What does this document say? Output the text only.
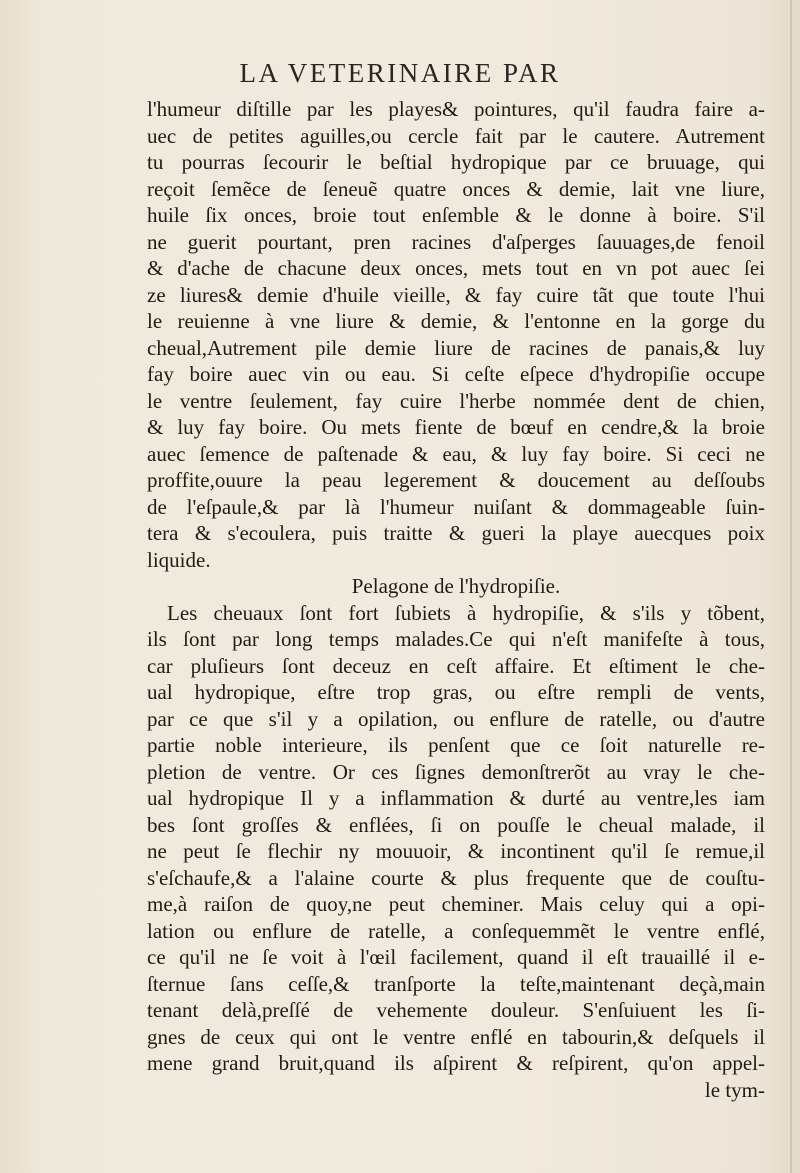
LA VETERINAIRE PAR
l'humeur diſtille par les playes& pointures, qu'il faudra faire a-
uec de petites aguilles,ou cercle fait par le cautere. Autrement
tu pourras ſecourir le beſtial hydropique par ce bruuage, qui
reçoit ſemẽce de ſeneuẽ quatre onces & demie, lait vne liure,
huile ſix onces, broie tout enſemble & le donne à boire. S'il
ne guerit pourtant, pren racines d'aſperges ſauuages,de fenoil
& d'ache de chacune deux onces, mets tout en vn pot auec ſei
ze liures& demie d'huile vieille, & fay cuire tãt que toute l'hui
le reuienne à vne liure & demie, & l'entonne en la gorge du
cheual,Autrement pile demie liure de racines de panais,& luy
fay boire auec vin ou eau. Si ceſte eſpece d'hydropiſie occupe
le ventre ſeulement, fay cuire l'herbe nommée dent de chien,
& luy fay boire. Ou mets fiente de bœuf en cendre,& la broie
auec ſemence de paſtenade & eau, & luy fay boire. Si ceci ne
proffite,ouure la peau legerement & doucement au deſſoubs
de l'eſpaule,& par là l'humeur nuiſant & dommageable ſuin-
tera & s'ecoulera, puis traitte & gueri la playe auecques poix
liquide.
Pelagone de l'hydropiſie.
Les cheuaux ſont fort ſubiets à hydropiſie, & s'ils y tõbent,
ils ſont par long temps malades.Ce qui n'eſt manifeſte à tous,
car pluſieurs ſont deceuz en ceſt affaire. Et eſtiment le che-
ual hydropique, eſtre trop gras, ou eſtre rempli de vents,
par ce que s'il y a opilation, ou enflure de ratelle, ou d'autre
partie noble interieure, ils penſent que ce ſoit naturelle re-
pletion de ventre. Or ces ſignes demonſtrerõt au vray le che-
ual hydropique Il y a inflammation & durté au ventre,les iam
bes ſont groſſes & enflées, ſi on pouſſe le cheual malade, il
ne peut ſe flechir ny mouuoir, & incontinent qu'il ſe remue,il
s'eſchaufe,& a l'alaine courte & plus frequente que de couſtu-
me,à raiſon de quoy,ne peut cheminer. Mais celuy qui a opi-
lation ou enflure de ratelle, a conſequemmẽt le ventre enflé,
ce qu'il ne ſe voit à l'œil facilement, quand il eſt trauaillé il e-
ſternue ſans ceſſe,& tranſporte la teſte,maintenant deçà,main
tenant delà,preſſé de vehemente douleur. S'enſuiuent les ſi-
gnes de ceux qui ont le ventre enflé en tabourin,& deſquels il
mene grand bruit,quand ils aſpirent & reſpirent, qu'on appel-
le tym-
